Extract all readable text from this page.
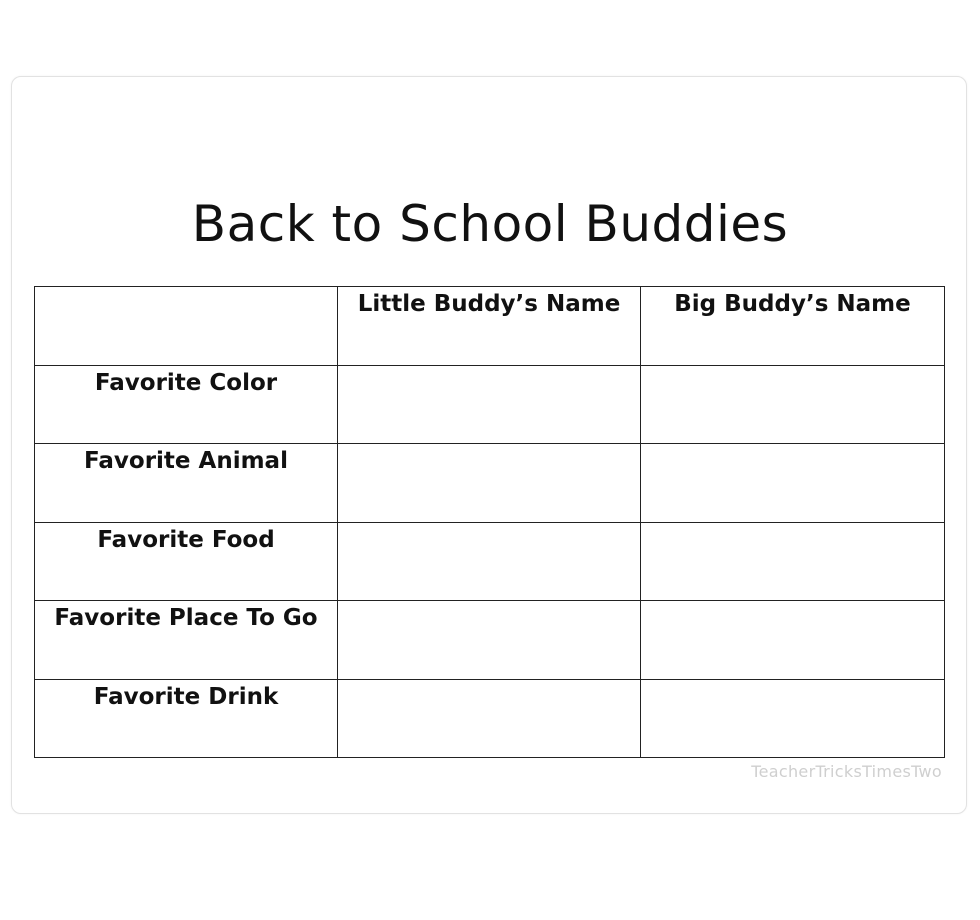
Back to School Buddies
	Little Buddy’s Name	Big Buddy’s Name
Favorite Color		
Favorite Animal		
Favorite Food		
Favorite Place To Go		
Favorite Drink		
TeacherTricksTimesTwo
